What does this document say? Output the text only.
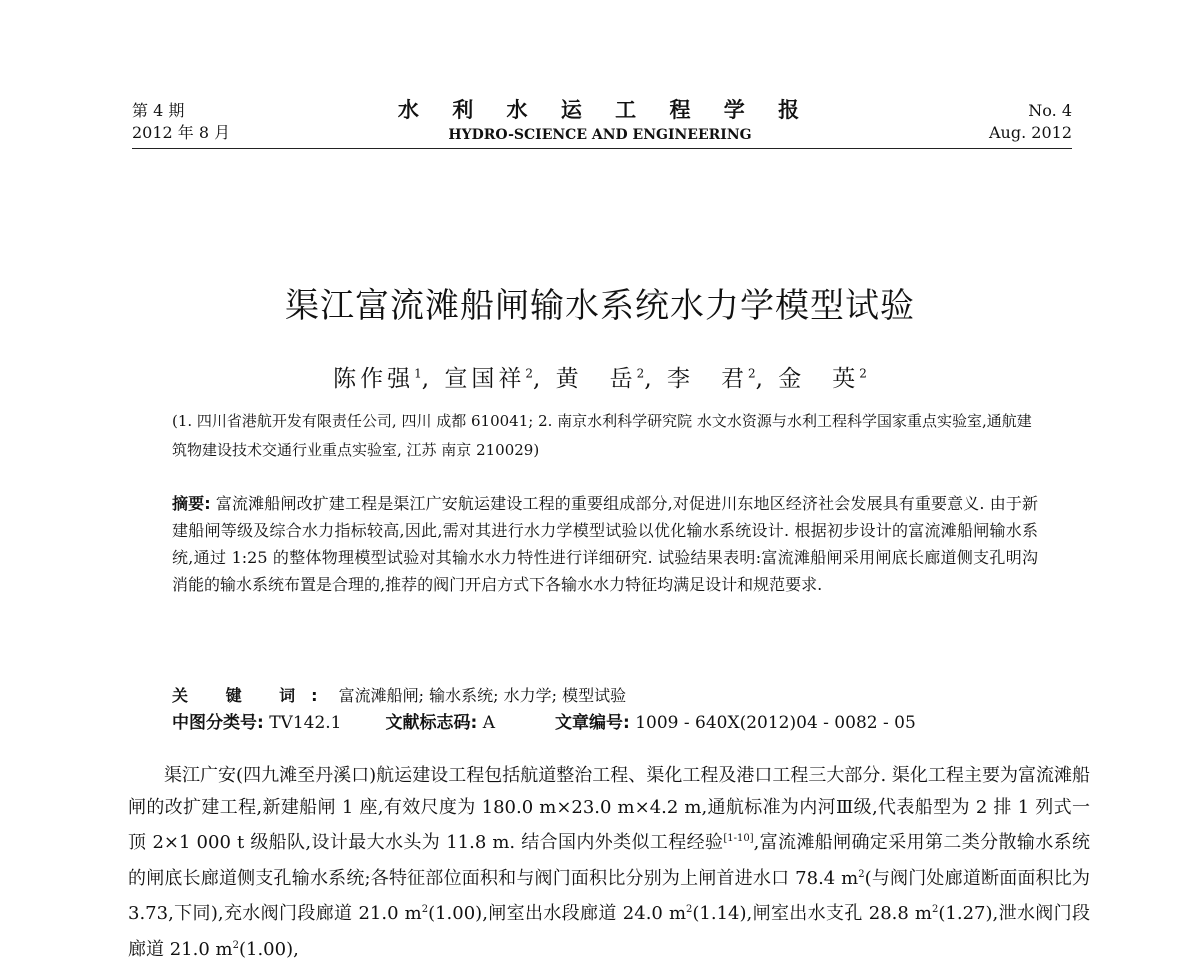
第 4 期
2012 年 8 月
水 利 水 运 工 程 学 报
HYDRO-SCIENCE AND ENGINEERING
No. 4
Aug. 2012
渠江富流滩船闸输水系统水力学模型试验
陈作强$^1$, 宣国祥$^2$, 黄　岳$^2$, 李　君$^2$, 金　英$^2$
(1. 四川省港航开发有限责任公司, 四川 成都 610041; 2. 南京水利科学研究院 水文水资源与水利工程科学国家重点实验室,通航建筑物建设技术交通行业重点实验室, 江苏 南京 210029)
摘要: 富流滩船闸改扩建工程是渠江广安航运建设工程的重要组成部分,对促进川东地区经济社会发展具有重要意义. 由于新建船闸等级及综合水力指标较高,因此,需对其进行水力学模型试验以优化输水系统设计. 根据初步设计的富流滩船闸输水系统,通过 1:25 的整体物理模型试验对其输水水力特性进行详细研究. 试验结果表明:富流滩船闸采用闸底长廊道侧支孔明沟消能的输水系统布置是合理的,推荐的阀门开启方式下各输水水力特征均满足设计和规范要求.
关 键 词: 富流滩船闸; 输水系统; 水力学; 模型试验
中图分类号: TV142.1	文献标志码: A	文章编号: 1009 - 640X(2012)04 - 0082 - 05

渠江广安(四九滩至丹溪口)航运建设工程包括航道整治工程、渠化工程及港口工程三大部分. 渠化工程主要为富流滩船闸的改扩建工程,新建船闸 1 座,有效尺度为 180.0 m×23.0 m×4.2 m,通航标准为内河Ⅲ级,代表船型为 2 排 1 列式一顶 2×1 000 t 级船队,设计最大水头为 11.8 m. 结合国内外类似工程经验[1-10],富流滩船闸确定采用第二类分散输水系统的闸底长廊道侧支孔输水系统;各特征部位面积和与阀门面积比分别为上闸首进水口 78.4 $m^2$(与阀门处廊道断面面积比为 3.73,下同),充水阀门段廊道 21.0 $m^2(1.00)$,闸室出水段廊道 24.0 $m^2(1.14)$,闸室出水支孔 28.8 $m^2(1.27)$,泄水阀门段廊道 21.0 $m^2(1.00)$,
